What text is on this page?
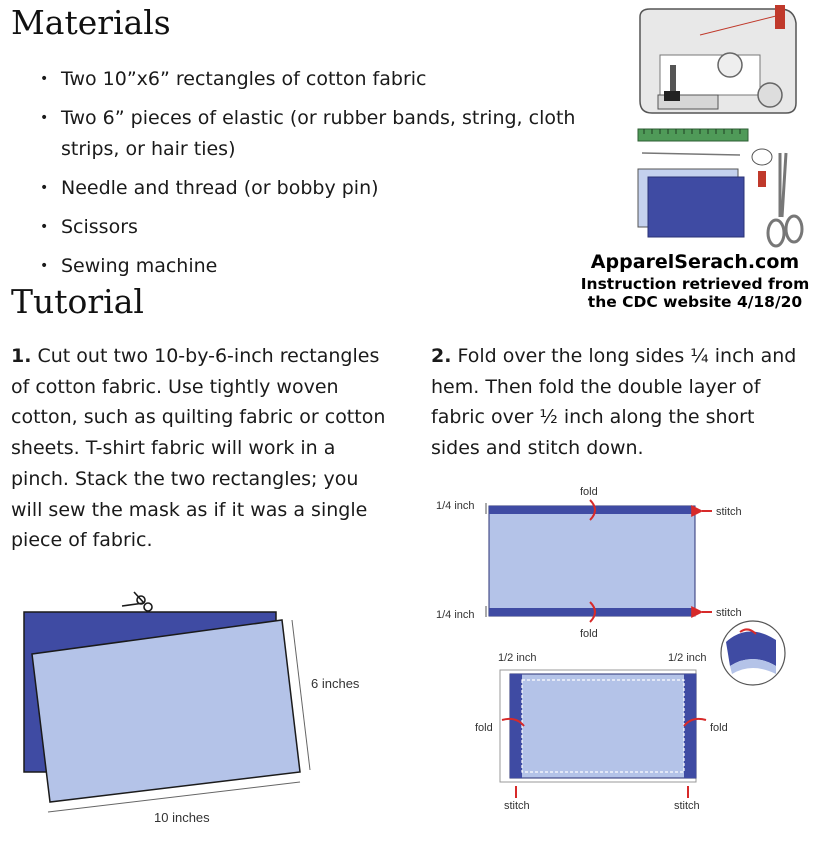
Materials
• Two 10”x6” rectangles of cotton fabric
• Two 6” pieces of elastic (or rubber bands, string, cloth strips, or hair ties)
• Needle and thread (or bobby pin)
• Scissors
• Sewing machine
Tutorial
1. Cut out two 10-by-6-inch rectangles of cotton fabric. Use tightly woven cotton, such as quilting fabric or cotton sheets. T-shirt fabric will work in a pinch. Stack the two rectangles; you will sew the mask as if it was a single piece of fabric.
2. Fold over the long sides ¼ inch and hem. Then fold the double layer of fabric over ½ inch along the short sides and stitch down.
ApparelSerach.com
Instruction retrieved from the CDC website 4/18/20
6 inches
10 inches
fold
fold
1/4 inch
1/4 inch
stitch
stitch
1/2 inch	1/2 inch
fold	fold
stitch	stitch
